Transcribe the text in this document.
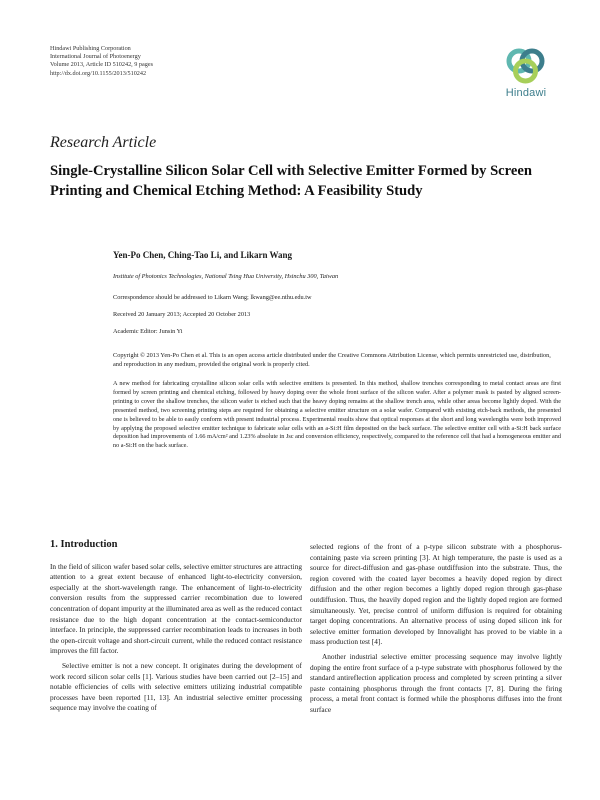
Hindawi Publishing Corporation
International Journal of Photoenergy
Volume 2013, Article ID 510242, 9 pages
http://dx.doi.org/10.1155/2013/510242
Hindawi
Research Article
Single-Crystalline Silicon Solar Cell with Selective Emitter Formed by Screen Printing and Chemical Etching Method: A Feasibility Study
Yen-Po Chen, Ching-Tao Li, and Likarn Wang
Institute of Photonics Technologies, National Tsing Hua University, Hsinchu 300, Taiwan
Correspondence should be addressed to Likarn Wang; lkwang@ee.nthu.edu.tw
Received 20 January 2013; Accepted 20 October 2013
Academic Editor: Junsin Yi
Copyright © 2013 Yen-Po Chen et al. This is an open access article distributed under the Creative Commons Attribution License, which permits unrestricted use, distribution, and reproduction in any medium, provided the original work is properly cited.
A new method for fabricating crystalline silicon solar cells with selective emitters is presented. In this method, shallow trenches corresponding to metal contact areas are first formed by screen printing and chemical etching, followed by heavy doping over the whole front surface of the silicon wafer. After a polymer mask is pasted by aligned screen-printing to cover the shallow trenches, the silicon wafer is etched such that the heavy doping remains at the shallow trench area, while other areas become lightly doped. With the presented method, two screening printing steps are required for obtaining a selective emitter structure on a solar wafer. Compared with existing etch-back methods, the presented one is believed to be able to easily conform with present industrial process. Experimental results show that optical responses at the short and long wavelengths were both improved by applying the proposed selective emitter technique to fabricate solar cells with an a-Si:H film deposited on the back surface. The selective emitter cell with a-Si:H back surface deposition had improvements of 1.66 mA/cm² and 1.23% absolute in Jsc and conversion efficiency, respectively, compared to the reference cell that had a homogeneous emitter and no a-Si:H on the back surface.
1. Introduction

In the field of silicon wafer based solar cells, selective emitter structures are attracting attention to a great extent because of enhanced light-to-electricity conversion, especially at the short-wavelength range. The enhancement of light-to-electricity conversion results from the suppressed carrier recombination due to lowered concentration of dopant impurity at the illuminated area as well as the reduced contact resistance due to the high dopant concentration at the contact-semiconductor interface. In principle, the suppressed carrier recombination leads to increases in both the open-circuit voltage and short-circuit current, while the reduced contact resistance improves the fill factor.

Selective emitter is not a new concept. It originates during the development of work record silicon solar cells [1]. Various studies have been carried out [2–15] and notable efficiencies of cells with selective emitters utilizing industrial compatible processes have been reported [11, 13]. An industrial selective emitter processing sequence may involve the coating of

selected regions of the front of a p-type silicon substrate with a phosphorus-containing paste via screen printing [3]. At high temperature, the paste is used as a source for direct-diffusion and gas-phase outdiffusion into the substrate. Thus, the region covered with the coated layer becomes a heavily doped region by direct diffusion and the other region becomes a lightly doped region through gas-phase outdiffusion. Thus, the heavily doped region and the lightly doped region are formed simultaneously. Yet, precise control of uniform diffusion is required for obtaining target doping concentrations. An alternative process of using doped silicon ink for selective emitter formation developed by Innovalight has proved to be viable in a mass production test [4].

Another industrial selective emitter processing sequence may involve lightly doping the entire front surface of a p-type substrate with phosphorus followed by the standard antireflection application process and completed by screen printing a silver paste containing phosphorus through the front contacts [7, 8]. During the firing process, a metal front contact is formed while the phosphorus diffuses into the front surface
